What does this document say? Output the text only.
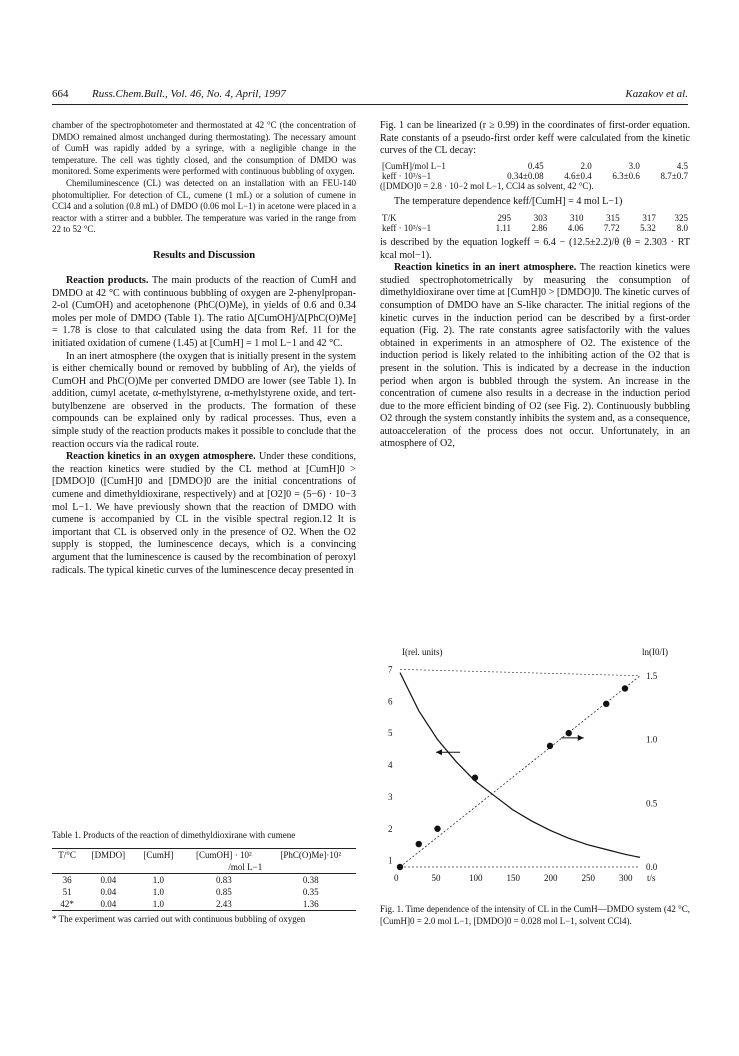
664 Russ.Chem.Bull., Vol. 46, No. 4, April, 1997	Kazakov et al.

chamber of the spectrophotometer and thermostated at 42 °C (the concentration of DMDO remained almost unchanged during thermostating). The necessary amount of CumH was rapidly added by a syringe, with a negligible change in the temperature. The cell was tightly closed, and the consumption of DMDO was monitored. Some experiments were performed with continuous bubbling of oxygen.

Chemiluminescence (CL) was detected on an installation with an FEU-140 photomultiplier. For detection of CL, cumene (1 mL) or a solution of cumene in CCl4 and a solution (0.8 mL) of DMDO (0.06 mol L−1) in acetone were placed in a reactor with a stirrer and a bubbler. The temperature was varied in the range from 22 to 52 °C.

Results and Discussion

Reaction products. The main products of the reaction of CumH and DMDO at 42 °C with continuous bubbling of oxygen are 2-phenylpropan-2-ol (CumOH) and acetophenone (PhC(O)Me), in yields of 0.6 and 0.34 moles per mole of DMDO (Table 1). The ratio Δ[CumOH]/Δ[PhC(O)Me] = 1.78 is close to that calculated using the data from Ref. 11 for the initiated oxidation of cumene (1.45) at [CumH] = 1 mol L−1 and 42 °C.

In an inert atmosphere (the oxygen that is initially present in the system is either chemically bound or removed by bubbling of Ar), the yields of CumOH and PhC(O)Me per converted DMDO are lower (see Table 1). In addition, cumyl acetate, α-methylstyrene, α-methylstyrene oxide, and tert-butylbenzene are observed in the products. The formation of these compounds can be explained only by radical processes. Thus, even a simple study of the reaction products makes it possible to conclude that the reaction occurs via the radical route.

Reaction kinetics in an oxygen atmosphere. Under these conditions, the reaction kinetics were studied by the CL method at [CumH]0 > [DMDO]0 ([CumH]0 and [DMDO]0 are the initial concentrations of cumene and dimethyldioxirane, respectively) and at [O2]0 = (5−6) · 10−3 mol L−1. We have previously shown that the reaction of DMDO with cumene is accompanied by CL in the visible spectral region.12 It is important that CL is observed only in the presence of O2. When the O2 supply is stopped, the luminescence decays, which is a convincing argument that the luminescence is caused by the recombination of peroxyl radicals. The typical kinetic curves of the luminescence decay presented in

Table 1. Products of the reaction of dimethyldioxirane with cumene

T/°C	[DMDO]	[CumH]	[CumOH] · 10²	[PhC(O)Me]·10²
		/mol L−1		
36	0.04	1.0	0.83	0.38
51	0.04	1.0	0.85	0.35
42*	0.04	1.0	2.43	1.36

* The experiment was carried out with continuous bubbling of oxygen

Fig. 1 can be linearized (r ≥ 0.99) in the coordinates of first-order equation. Rate constants of a pseudo-first order keff were calculated from the kinetic curves of the CL decay:

[CumH]/mol L−1	0.45	2.0	3.0	4.5
keff · 10³/s−1	0.34±0.08	4.6±0.4	6.3±0.6	8.7±0.7

([DMDO]0 = 2.8 · 10−2 mol L−1, CCl4 as solvent, 42 °C).

The temperature dependence keff/[CumH] = 4 mol L−1)

T/K	295	303	310	315	317	325
keff · 10³/s−1	1.11	2.86	4.06	7.72	5.32	8.0

is described by the equation logkeff = 6.4 − (12.5±2.2)/θ (θ = 2.303 · RT kcal mol−1).

Reaction kinetics in an inert atmosphere. The reaction kinetics were studied spectrophotometrically by measuring the consumption of dimethyldioxirane over time at [CumH]0 > [DMDO]0. The kinetic curves of consumption of DMDO have an S-like character. The initial regions of the kinetic curves in the induction period can be described by a first-order equation (Fig. 2). The rate constants agree satisfactorily with the values obtained in experiments in an atmosphere of O2. The existence of the induction period is likely related to the inhibiting action of the O2 that is present in the solution. This is indicated by a decrease in the induction period when argon is bubbled through the system. An increase in the concentration of cumene also results in a decrease in the induction period due to the more efficient binding of O2 (see Fig. 2). Continuously bubbling O2 through the system constantly inhibits the system and, as a consequence, autoacceleration of the process does not occur. Unfortunately, in an atmosphere of O2,

I(rel. units)	ln(I0/I)
1
2
3
4
5
6
7
0.0
0.5
1.0
1.5
0	50	100	150	200	250	300 t/s
Fig. 1. Time dependence of the intensity of CL in the CumH—DMDO system (42 °C, [CumH]0 = 2.0 mol L−1, [DMDO]0 = 0.028 mol L−1, solvent CCl4).
